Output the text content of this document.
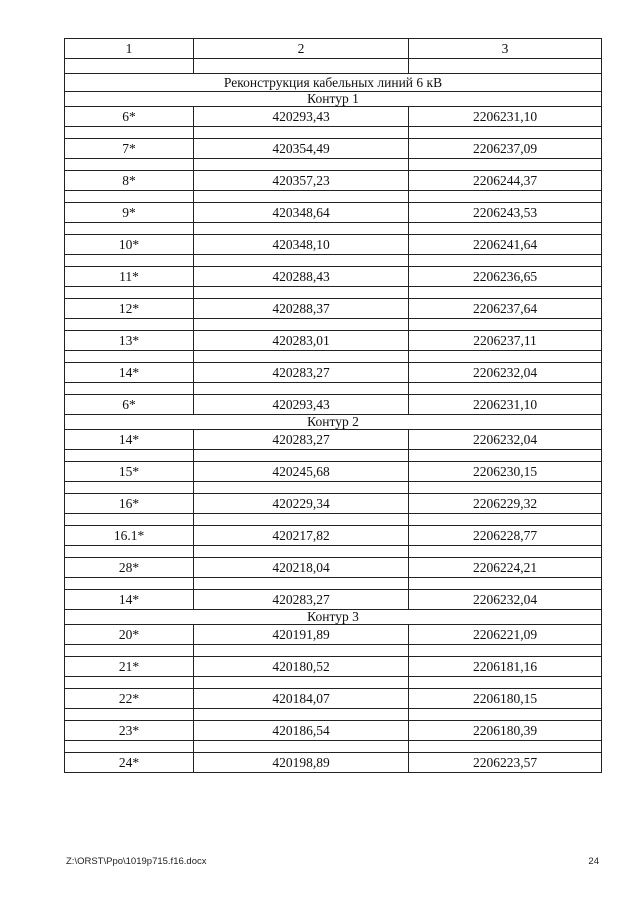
1	2	3

Реконструкция кабельных линий 6 кВ		
Контур 1		
6*	420293,43	2206231,10

7*	420354,49	2206237,09

8*	420357,23	2206244,37

9*	420348,64	2206243,53

10*	420348,10	2206241,64

11*	420288,43	2206236,65

12*	420288,37	2206237,64

13*	420283,01	2206237,11

14*	420283,27	2206232,04

6*	420293,43	2206231,10
Контур 2		
14*	420283,27	2206232,04

15*	420245,68	2206230,15

16*	420229,34	2206229,32

16.1*	420217,82	2206228,77

28*	420218,04	2206224,21

14*	420283,27	2206232,04
Контур 3		
20*	420191,89	2206221,09

21*	420180,52	2206181,16

22*	420184,07	2206180,15

23*	420186,54	2206180,39

24*	420198,89	2206223,57
Z:\ORST\Ppo\1019p715.f16.docx	24
